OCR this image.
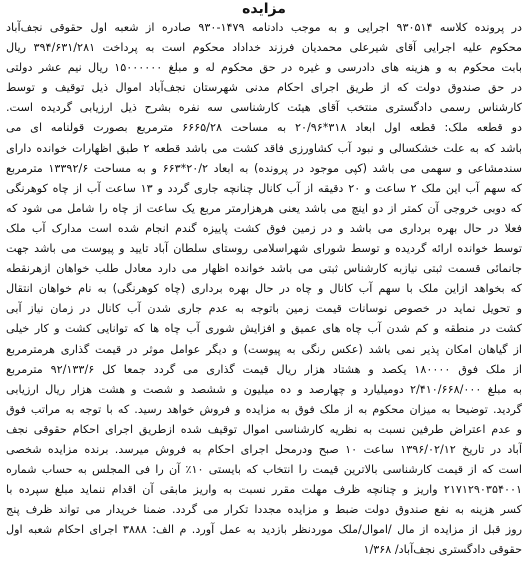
مزایده
در پرونده کلاسه ۹۳۰۵۱۴ اجرایی و به موجب دادنامه ۱۴۷۹-۹۳۰ صادره از شعبه اول حقوقی نجف‌آباد
محکوم علیه اجرایی آقای شیرعلی محمدیان فرزند خداداد محکوم است به پرداخت ۳۹۴/۶۳۱/۲۸۱ ریال
بابت محکوم به و هزینه های دادرسی و غیره در حق محکوم له و مبلغ ۱۵۰۰۰۰۰۰ ریال نیم عشر دولتی
در حق صندوق دولت که از طریق اجرای احکام مدنی شهرستان نجف‌آباد اموال ذیل توقیف و توسط
کارشناس رسمی دادگستری منتخب آقای هیئت کارشناسی سه نفره بشرح ذیل ارزیابی گردیده است.
دو قطعه ملک: قطعه اول ابعاد ۳۱۸*۲۰/۹۶ به مساحت ۶۶۶۵/۲۸ مترمربع بصورت قولنامه ای می
باشد که به علت خشکسالی و نبود آب کشاورزی فاقد کشت می باشد قطعه ۲ طبق اظهارات خوانده دارای
سندمشاعی و سهمی می باشد (کپی موجود در پرونده) به ابعاد ۲۰/۲*۶۶۳ و به مساحت ۱۳۳۹۲/۶ مترمربع
که سهم آب این ملک ۲ ساعت و ۲۰ دقیقه از آب کانال چنانچه جاری گردد و ۱۳ ساعت آب از چاه کوهرنگی
که دوبی خروجی آن کمتر از دو اینچ می باشد یعنی هرهزارمتر مربع یک ساعت از چاه را شامل می شود که
فعلا در حال بهره برداری می باشد و در زمین فوق کشت پاییزه گندم انجام شده است مدارک آب ملک
توسط خوانده ارائه گردیده و توسط شورای شهراسلامی روستای سلطان آباد تایید و پیوست می باشد جهت
جانمائی قسمت ثبتی نیازبه کارشناس ثبتی می باشد خوانده اظهار می دارد معادل طلب خواهان ازهرنقطه
که بخواهد ازاین ملک با سهم آب کانال و چاه در حال بهره برداری (چاه کوهرنگی) به نام خواهان انتقال
و تحویل نماید در خصوص نوسانات قیمت زمین باتوجه به عدم جاری شدن آب کانال در زمان نیاز آبی
کشت در منطقه و کم شدن آب چاه های عمیق و افزایش شوری آب چاه ها که توانایی کشت و کار خیلی
از گیاهان امکان پذیر نمی باشد (عکس رنگی به پیوست) و دیگر عوامل موثر در قیمت گذاری هرمترمربع
از ملک فوق ۱۸۰۰۰۰ یکصد و هشتاد هزار ریال قیمت گذاری می گردد جمعا کل ۹۲/۱۳۳/۶ مترمربع
به مبلغ ۲/۴۱۰/۶۶۸/۰۰۰ دومیلیارد و چهارصد و ده میلیون و ششصد و شصت و هشت هزار ریال ارزیابی
گردید. توضیحا به میزان محکوم به از ملک فوق به مزایده و فروش خواهد رسید. که با توجه به مراتب فوق
و عدم اعتراض طرفین نسبت به نظریه کارشناسی اموال توقیف شده ازطریق اجرای احکام حقوقی نجف
آباد در تاریخ ۱۳۹۶/۰۲/۱۲ ساعت ۱۰ صبح ودرمحل اجرای احکام به فروش میرسد. برنده مزایده شخصی
است که از قیمت کارشناسی بالاترین قیمت را انتخاب که بایستی ۱۰٪ آن را فی المجلس به حساب شماره
۲۱۷۱۲۹۰۳۵۴۰۰۱ واریز و چنانچه ظرف مهلت مقرر نسبت به واریز مابقی آن اقدام ننماید مبلغ سپرده با
کسر هزینه به نفع صندوق دولت ضبط و مزایده مجددا تکرار می گردد. ضمنا خریدار می تواند ظرف پنج
روز قبل از مزایده از مال /اموال/ملک موردنظر بازدید به عمل آورد. م الف: ۳۸۸۸ اجرای احکام شعبه اول
حقوقی دادگستری نجف‌آباد/ ۱/۳۶۸
